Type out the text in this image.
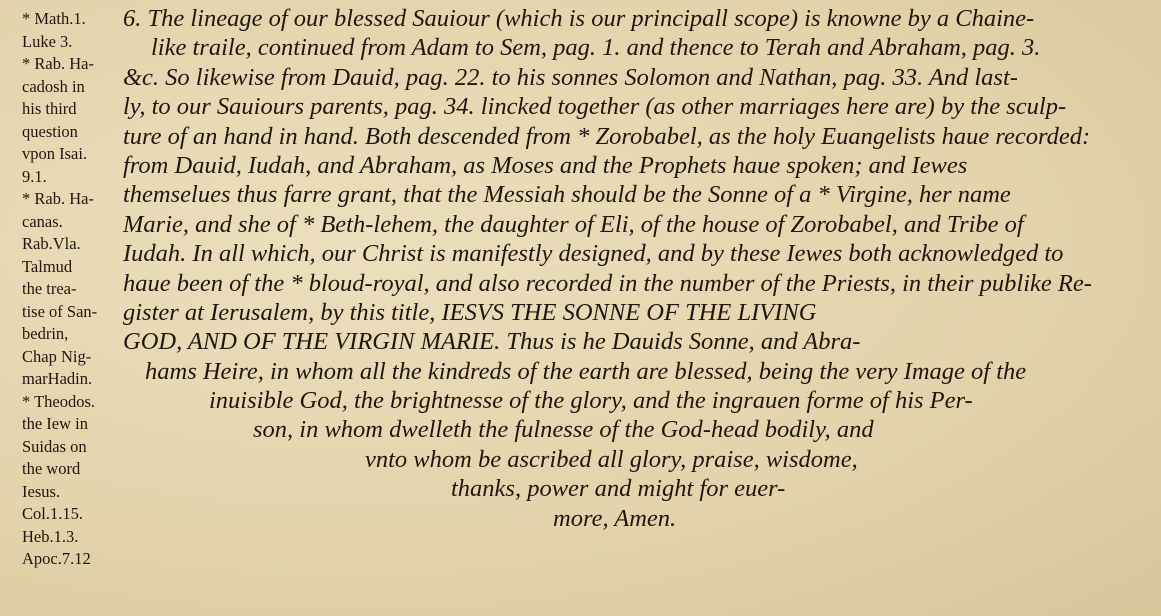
* Math.1.
Luke 3.
* Rab. Ha-
cadosh in
his third
question
vpon Isai.
9.1.
* Rab. Ha-
canas.
Rab.Vla.
Talmud
the trea-
tise of San-
bedrin,
Chap Nig-
marHadin.
* Theodos.
the Iew in
Suidas on
the word
Iesus.
Col.1.15.
Heb.1.3.
Apoc.7.12
6. The lineage of our blessed Sauiour (which is our principall scope) is knowne by a Chaine-
like traile, continued from Adam to Sem, pag. 1. and thence to Terah and Abraham, pag. 3.
&c. So likewise from Dauid, pag. 22. to his sonnes Solomon and Nathan, pag. 33. And last-
ly, to our Sauiours parents, pag. 34. lincked together (as other marriages here are) by the sculp-
ture of an hand in hand. Both descended from * Zorobabel, as the holy Euangelists haue recorded:
from Dauid, Iudah, and Abraham, as Moses and the Prophets haue spoken; and Iewes
themselues thus farre grant, that the Messiah should be the Sonne of a * Virgine, her name
Marie, and she of * Beth-lehem, the daughter of Eli, of the house of Zorobabel, and Tribe of
Iudah. In all which, our Christ is manifestly designed, and by these Iewes both acknowledged to
haue been of the * bloud-royal, and also recorded in the number of the Priests, in their publike Re-
gister at Ierusalem, by this title, IESVS THE SONNE OF THE LIVING
GOD, AND OF THE VIRGIN MARIE. Thus is he Dauids Sonne, and Abra-
hams Heire, in whom all the kindreds of the earth are blessed, being the very Image of the
inuisible God, the brightnesse of the glory, and the ingrauen forme of his Per-
son, in whom dwelleth the fulnesse of the God-head bodily, and
vnto whom be ascribed all glory, praise, wisdome,
thanks, power and might for euer-
more, Amen.
